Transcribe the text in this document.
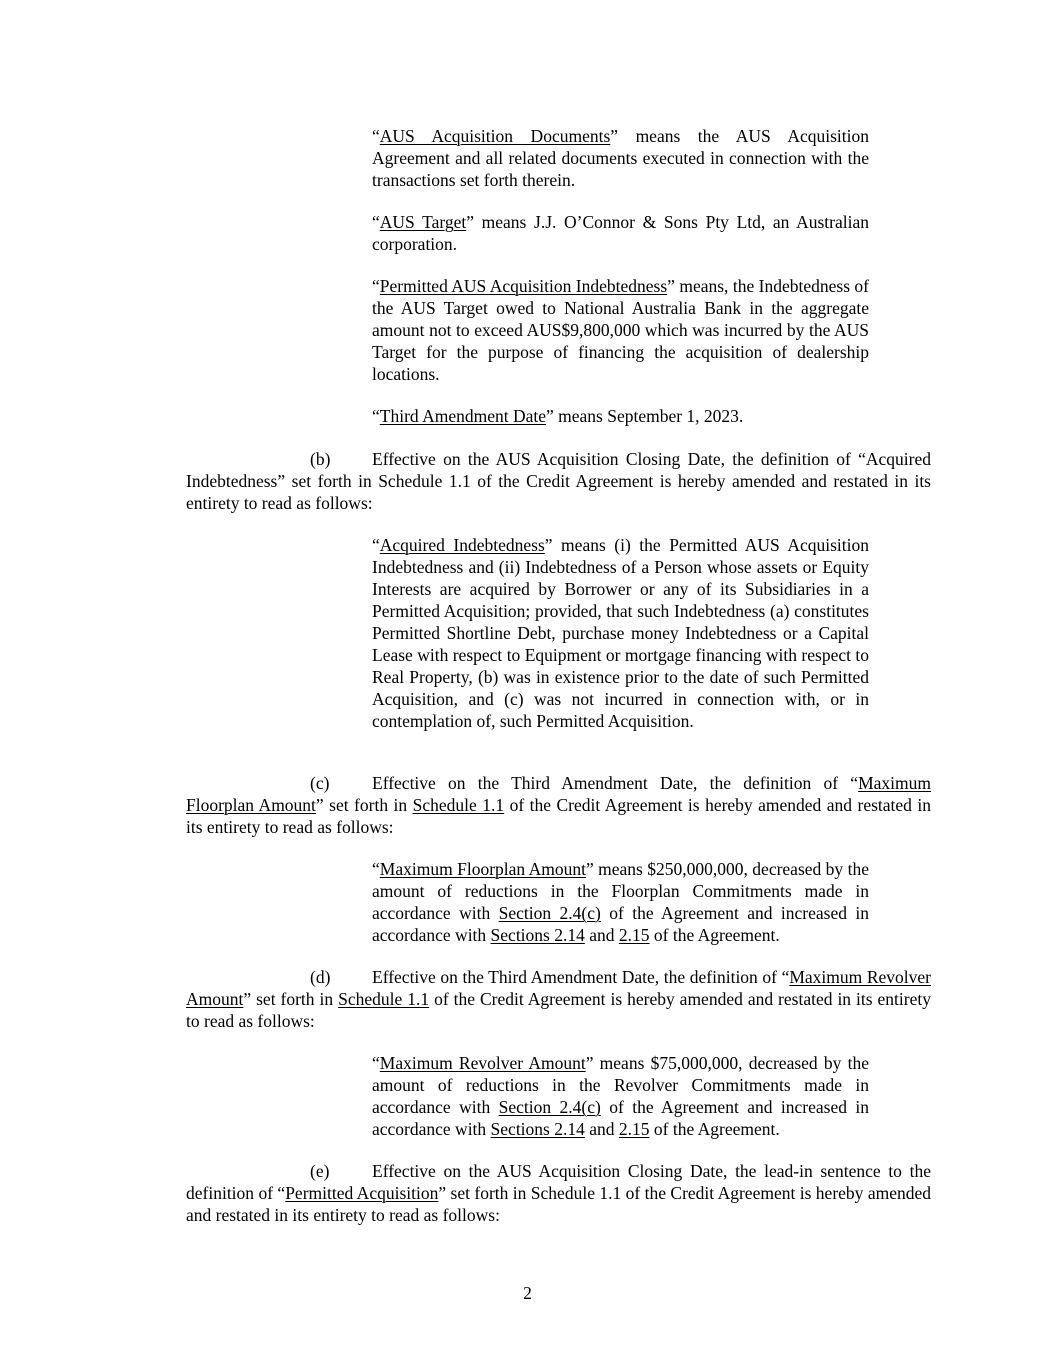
“AUS Acquisition Documents” means the AUS Acquisition Agreement and all related documents executed in connection with the transactions set forth therein.

“AUS Target” means J.J. O’Connor & Sons Pty Ltd, an Australian corporation.

“Permitted AUS Acquisition Indebtedness” means, the Indebtedness of the AUS Target owed to National Australia Bank in the aggregate amount not to exceed AUS$9,800,000 which was incurred by the AUS Target for the purpose of financing the acquisition of dealership locations.

“Third Amendment Date” means September 1, 2023.

(b) Effective on the AUS Acquisition Closing Date, the definition of “Acquired Indebtedness” set forth in Schedule 1.1 of the Credit Agreement is hereby amended and restated in its entirety to read as follows:

“Acquired Indebtedness” means (i) the Permitted AUS Acquisition Indebtedness and (ii) Indebtedness of a Person whose assets or Equity Interests are acquired by Borrower or any of its Subsidiaries in a Permitted Acquisition; provided, that such Indebtedness (a) constitutes Permitted Shortline Debt, purchase money Indebtedness or a Capital Lease with respect to Equipment or mortgage financing with respect to Real Property, (b) was in existence prior to the date of such Permitted Acquisition, and (c) was not incurred in connection with, or in contemplation of, such Permitted Acquisition.

(c) Effective on the Third Amendment Date, the definition of “Maximum Floorplan Amount” set forth in Schedule 1.1 of the Credit Agreement is hereby amended and restated in its entirety to read as follows:

“Maximum Floorplan Amount” means $250,000,000, decreased by the amount of reductions in the Floorplan Commitments made in accordance with Section 2.4(c) of the Agreement and increased in accordance with Sections 2.14 and 2.15 of the Agreement.

(d) Effective on the Third Amendment Date, the definition of “Maximum Revolver Amount” set forth in Schedule 1.1 of the Credit Agreement is hereby amended and restated in its entirety to read as follows:

“Maximum Revolver Amount” means $75,000,000, decreased by the amount of reductions in the Revolver Commitments made in accordance with Section 2.4(c) of the Agreement and increased in accordance with Sections 2.14 and 2.15 of the Agreement.

(e) Effective on the AUS Acquisition Closing Date, the lead-in sentence to the definition of “Permitted Acquisition” set forth in Schedule 1.1 of the Credit Agreement is hereby amended and restated in its entirety to read as follows:

2
